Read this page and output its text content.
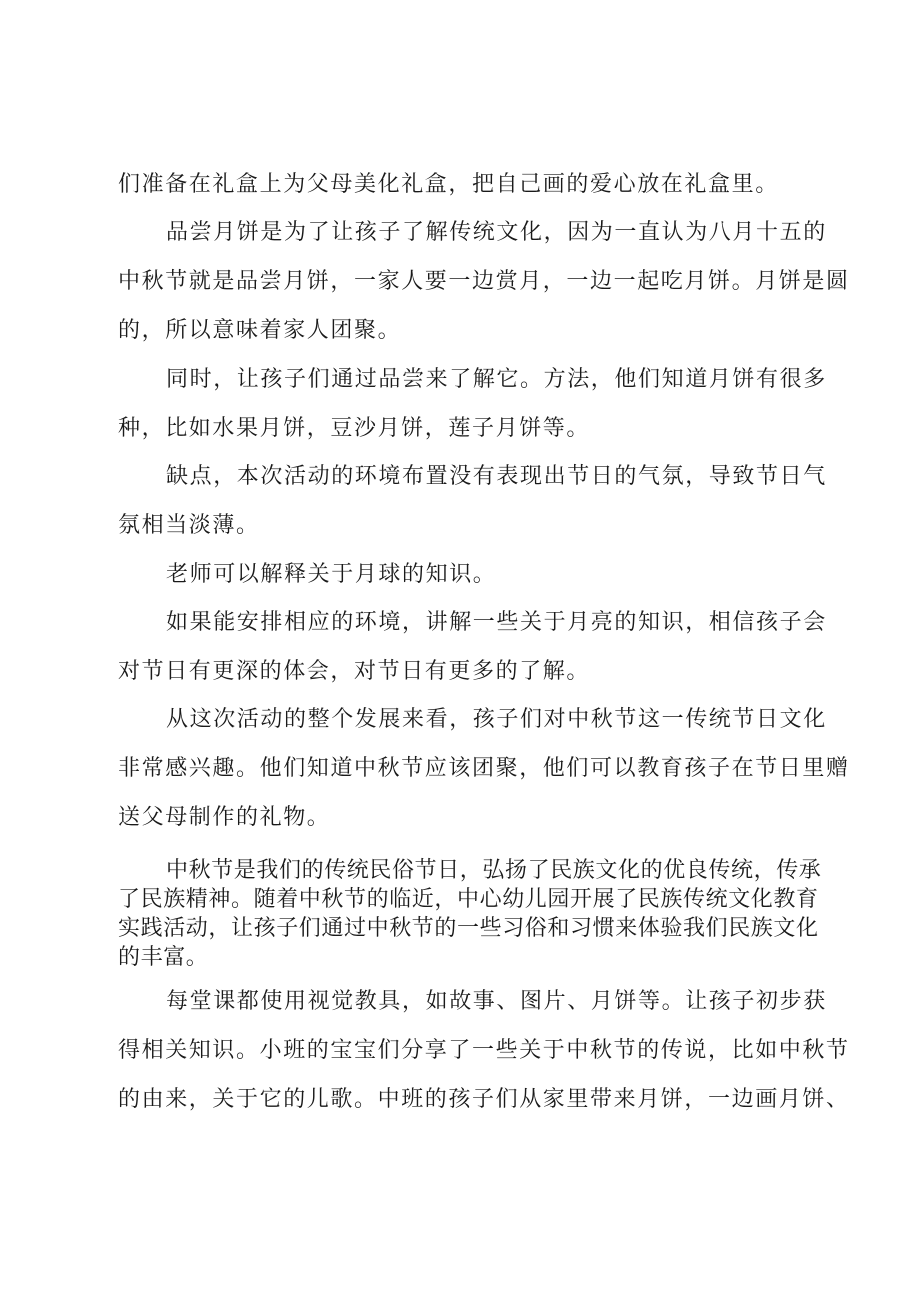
们准备在礼盒上为父母美化礼盒，把自己画的爱心放在礼盒里。
品尝月饼是为了让孩子了解传统文化，因为一直认为八月十五的
中秋节就是品尝月饼，一家人要一边赏月，一边一起吃月饼。月饼是圆
的，所以意味着家人团聚。
同时，让孩子们通过品尝来了解它。方法，他们知道月饼有很多
种，比如水果月饼，豆沙月饼，莲子月饼等。
缺点，本次活动的环境布置没有表现出节日的气氛，导致节日气
氛相当淡薄。
老师可以解释关于月球的知识。
如果能安排相应的环境，讲解一些关于月亮的知识，相信孩子会
对节日有更深的体会，对节日有更多的了解。
从这次活动的整个发展来看，孩子们对中秋节这一传统节日文化
非常感兴趣。他们知道中秋节应该团聚，他们可以教育孩子在节日里赠
送父母制作的礼物。
中秋节是我们的传统民俗节日，弘扬了民族文化的优良传统，传承
了民族精神。随着中秋节的临近，中心幼儿园开展了民族传统文化教育
实践活动，让孩子们通过中秋节的一些习俗和习惯来体验我们民族文化
的丰富。
每堂课都使用视觉教具，如故事、图片、月饼等。让孩子初步获
得相关知识。小班的宝宝们分享了一些关于中秋节的传说，比如中秋节
的由来，关于它的儿歌。中班的孩子们从家里带来月饼，一边画月饼、
